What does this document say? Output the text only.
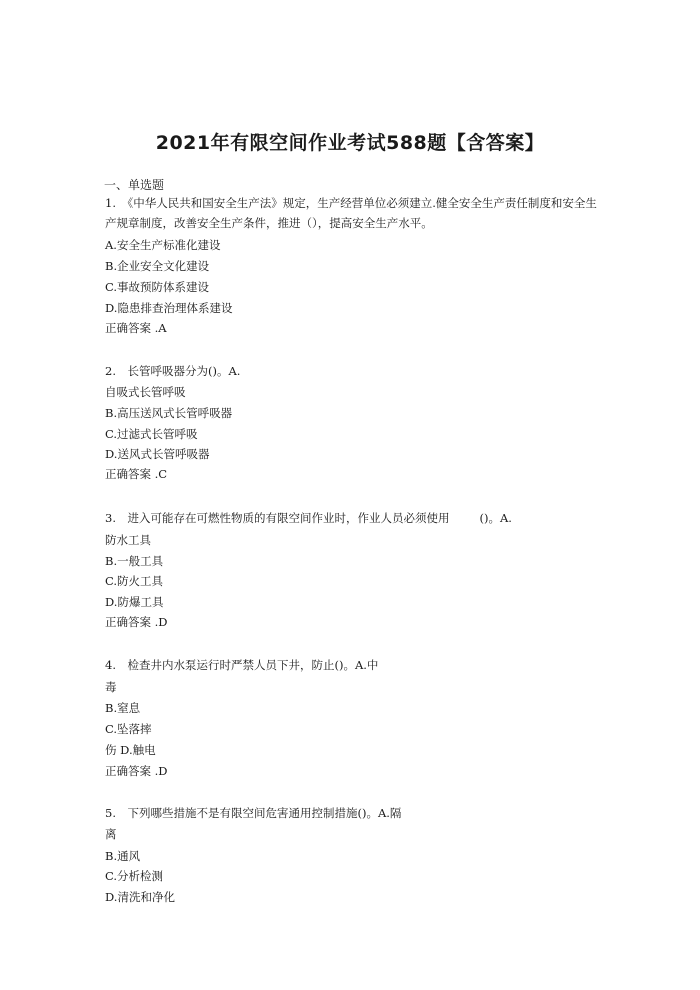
2021年有限空间作业考试588题【含答案】
一、单选题
1.　《中华人民共和国安全生产法》规定，生产经营单位必须建立.健全安全生产责任制度和安全生
产规章制度，改善安全生产条件，推进（），提高安全生产水平。
A.安全生产标准化建设
B.企业安全文化建设
C.事故预防体系建设
D.隐患排查治理体系建设
正确答案 .A
2.　长管呼吸器分为()。A.
自吸式长管呼吸
B.高压送风式长管呼吸器
C.过滤式长管呼吸
D.送风式长管呼吸器
正确答案 .C
3.　进入可能存在可燃性物质的有限空间作业时，作业人员必须使用	()。A.
防水工具
B.一般工具
C.防火工具
D.防爆工具
正确答案 .D
4.　检查井内水泵运行时严禁人员下井，防止()。A.中
毒
B.窒息
C.坠落摔
伤 D.触电
正确答案 .D
5.　下列哪些措施不是有限空间危害通用控制措施()。A.隔
离
B.通风
C.分析检测
D.清洗和净化
